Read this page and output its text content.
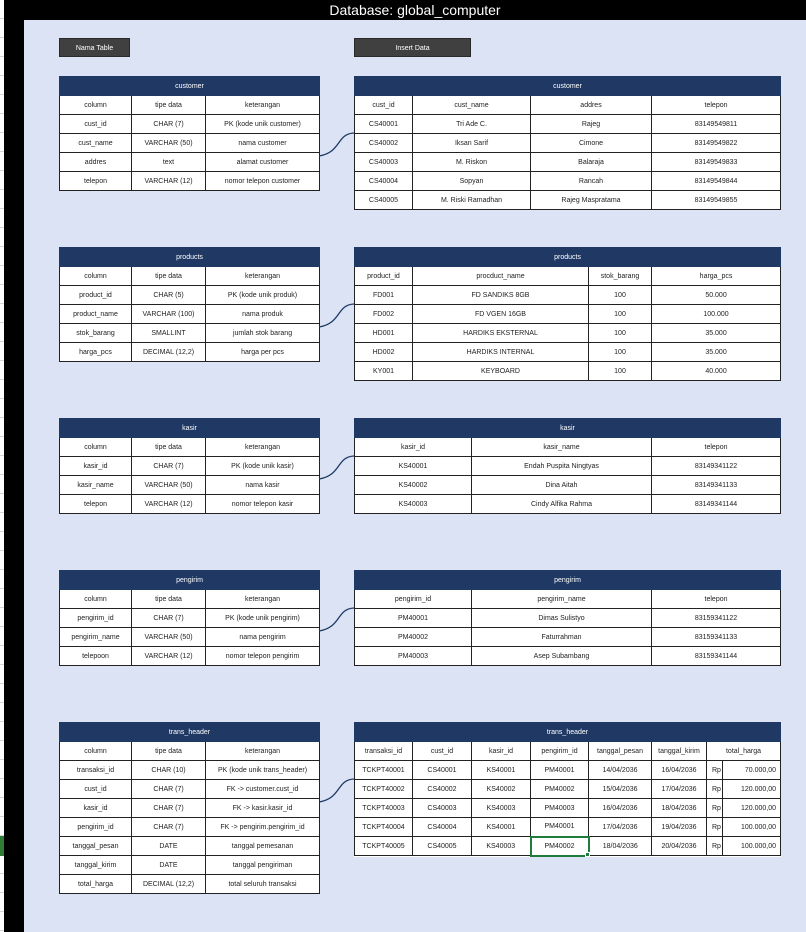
Database: global_computer
Nama Table	Insert Data
customer		
column	tipe data	keterangan
cust_id	CHAR (7)	PK (kode unik customer)
cust_name	VARCHAR (50)	nama customer
addres	text	alamat customer
telepon	VARCHAR (12)	nomor telepon customer
customer			
cust_id	cust_name	addres	telepon
CS40001	Tri Ade C.	Rajeg	83149549811
CS40002	Iksan Sarif	Cimone	83149549822
CS40003	M. Riskon	Balaraja	83149549833
CS40004	Sopyan	Rancah	83149549844
CS40005	M. Riski Ramadhan	Rajeg Maspratama	83149549855
products		
column	tipe data	keterangan
product_id	CHAR (5)	PK (kode unik produk)
product_name	VARCHAR (100)	nama produk
stok_barang	SMALLINT	jumlah stok barang
harga_pcs	DECIMAL (12,2)	harga per pcs
products			
product_id	procduct_name	stok_barang	harga_pcs
FD001	FD SANDIKS 8GB	100	50.000
FD002	FD VGEN 16GB	100	100.000
HD001	HARDIKS EKSTERNAL	100	35.000
HD002	HARDIKS INTERNAL	100	35.000
KY001	KEYBOARD	100	40.000
kasir		
column	tipe data	keterangan
kasir_id	CHAR (7)	PK (kode unik kasir)
kasir_name	VARCHAR (50)	nama kasir
telepon	VARCHAR (12)	nomor telepon kasir
kasir		
kasir_id	kasir_name	telepon
KS40001	Endah Puspita Ningtyas	83149341122
KS40002	Dina Aitah	83149341133
KS40003	Cindy Alfika Rahma	83149341144
pengirim		
column	tipe data	keterangan
pengirim_id	CHAR (7)	PK (kode unik pengirim)
pengirim_name	VARCHAR (50)	nama pengirim
telepoon	VARCHAR (12)	nomor telepon pengirim
pengirim		
pengirim_id	pengirim_name	telepon
PM40001	Dimas Sulistyo	83159341122
PM40002	Faturrahman	83159341133
PM40003	Asep Subambang	83159341144
trans_header		
column	tipe data	keterangan
transaksi_id	CHAR (10)	PK (kode unik trans_header)
cust_id	CHAR (7)	FK -> customer.cust_id
kasir_id	CHAR (7)	FK -> kasir.kasir_id
pengirim_id	CHAR (7)	FK -> pengirim.pengirim_id
tanggal_pesan	DATE	tanggal pemesanan
tanggal_kirim	DATE	tanggal pengiriman
total_harga	DECIMAL (12,2)	total seluruh transaksi
trans_header							
transaksi_id	cust_id	kasir_id	pengirim_id	tanggal_pesan	tanggal_kirim	total_harga	
TCKPT40001	CS40001	KS40001	PM40001	14/04/2036	16/04/2036	Rp	70.000,00
TCKPT40002	CS40002	KS40002	PM40002	15/04/2036	17/04/2036	Rp	120.000,00
TCKPT40003	CS40003	KS40003	PM40003	16/04/2036	18/04/2036	Rp	120.000,00
TCKPT40004	CS40004	KS40001	PM40001	17/04/2036	19/04/2036	Rp	100.000,00
TCKPT40005	CS40005	KS40003	PM40002	18/04/2036	20/04/2036	Rp	100.000,00
